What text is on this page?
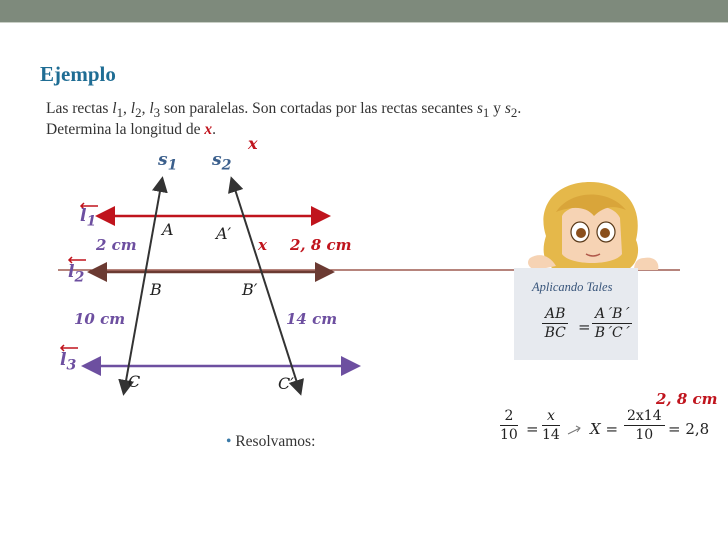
Ejemplo
Las rectas $l_1$, $l_2$, $l_3$ son paralelas. Son cortadas por las rectas secantes $s_1$ y $s_2$.
Determina la longitud de x.
x
$s_1$ $s_2$
$l_1$
$l_2$
$l_3$
A	A′
B	B′
C	C′
2 cm	x 2, 8 cm
10 cm	14 cm
Aplicando Tales
$\frac{AB}{BC} = \frac{A´B´}{B´C´}$
2, 8 cm
• Resolvamos:	$\frac{2}{10} = \frac{x}{14}$ $X = \frac{2x14}{10} = 2,8$
